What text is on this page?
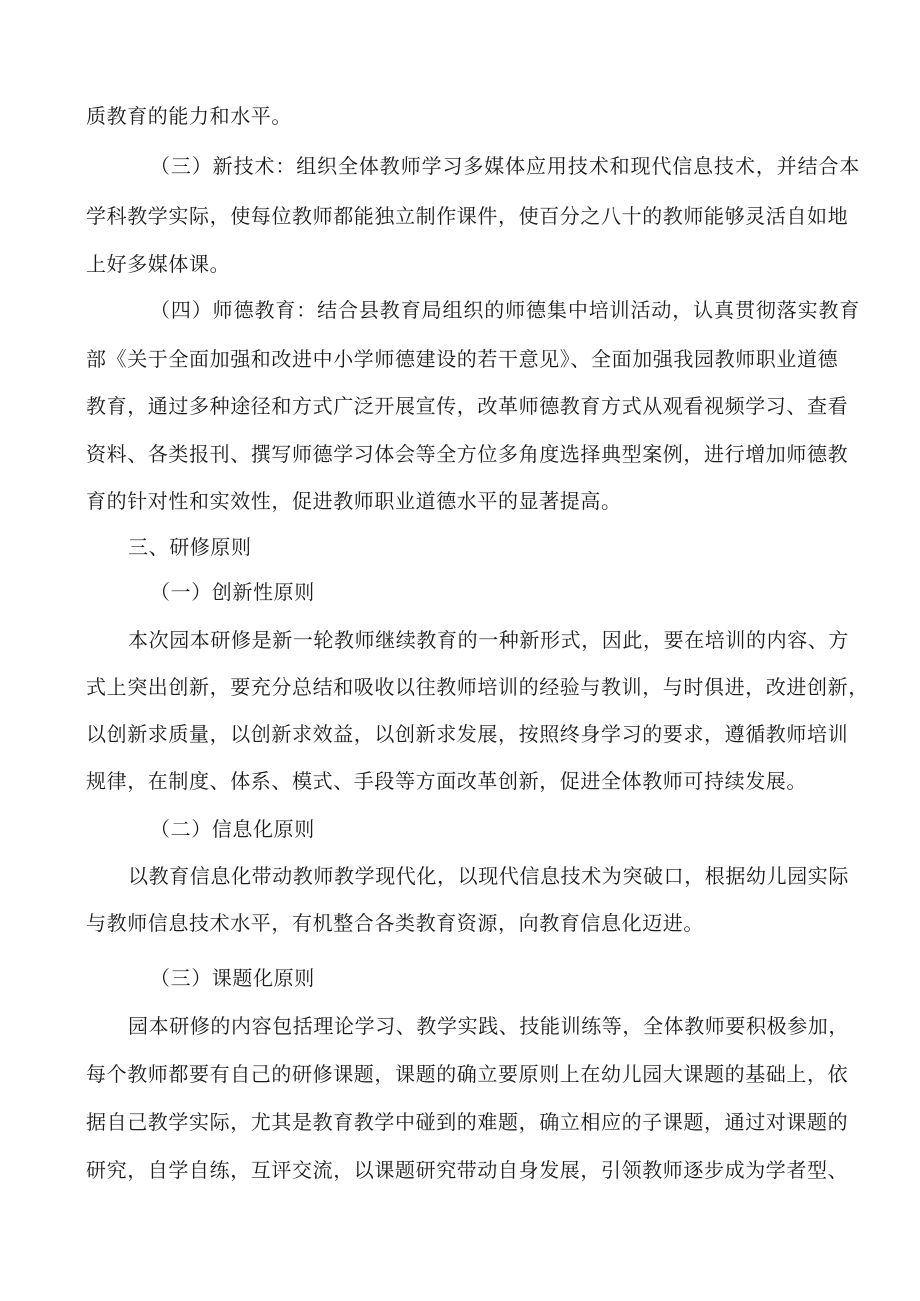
质教育的能力和水平。
（三）新技术：组织全体教师学习多媒体应用技术和现代信息技术，并结合本
学科教学实际，使每位教师都能独立制作课件，使百分之八十的教师能够灵活自如地
上好多媒体课。
（四）师德教育：结合县教育局组织的师德集中培训活动，认真贯彻落实教育
部《关于全面加强和改进中小学师德建设的若干意见》、全面加强我园教师职业道德
教育，通过多种途径和方式广泛开展宣传，改革师德教育方式从观看视频学习、查看
资料、各类报刊、撰写师德学习体会等全方位多角度选择典型案例，进行增加师德教
育的针对性和实效性，促进教师职业道德水平的显著提高。
三、研修原则
（一）创新性原则
本次园本研修是新一轮教师继续教育的一种新形式，因此，要在培训的内容、方
式上突出创新，要充分总结和吸收以往教师培训的经验与教训，与时俱进，改进创新，
以创新求质量，以创新求效益，以创新求发展，按照终身学习的要求，遵循教师培训
规律，在制度、体系、模式、手段等方面改革创新，促进全体教师可持续发展。
（二）信息化原则
以教育信息化带动教师教学现代化，以现代信息技术为突破口，根据幼儿园实际
与教师信息技术水平，有机整合各类教育资源，向教育信息化迈进。
（三）课题化原则
园本研修的内容包括理论学习、教学实践、技能训练等，全体教师要积极参加，
每个教师都要有自己的研修课题，课题的确立要原则上在幼儿园大课题的基础上，依
据自己教学实际，尤其是教育教学中碰到的难题，确立相应的子课题，通过对课题的
研究，自学自练，互评交流，以课题研究带动自身发展，引领教师逐步成为学者型、
